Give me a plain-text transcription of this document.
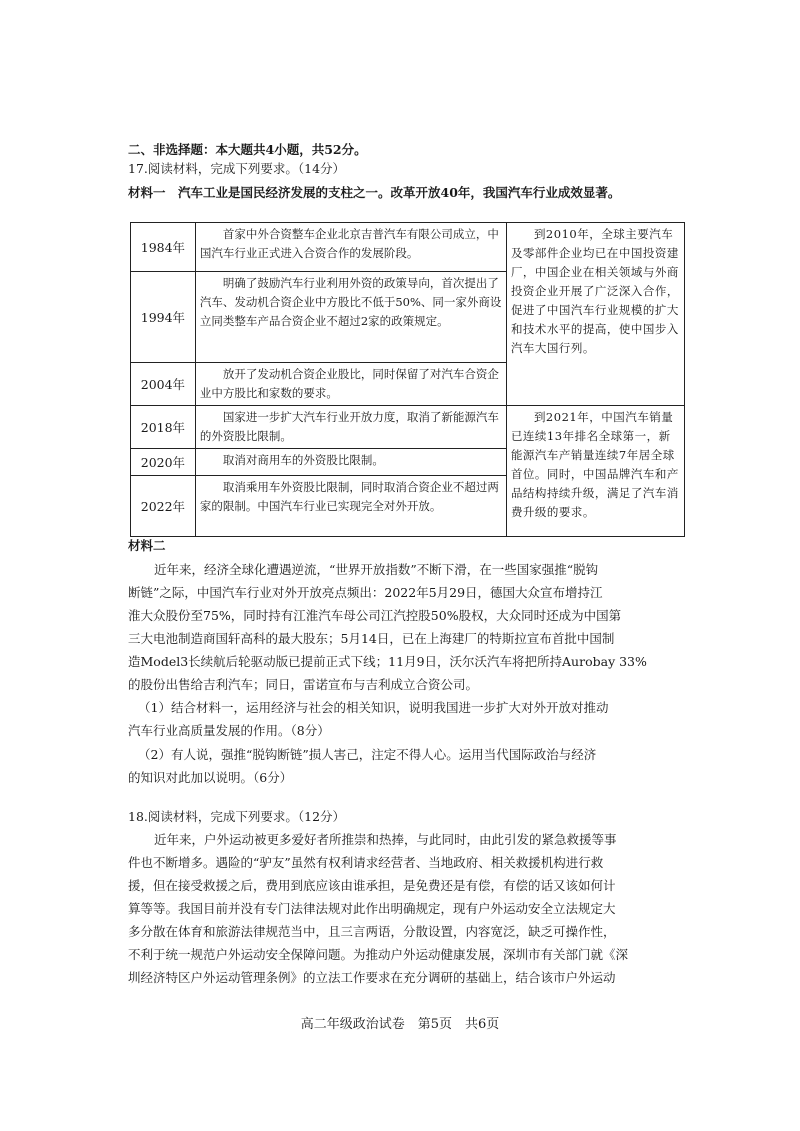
二、非选择题：本大题共4小题，共52分。
17.阅读材料，完成下列要求。（14分）
材料一　汽车工业是国民经济发展的支柱之一。改革开放40年，我国汽车行业成效显著。
1984年	首家中外合资整车企业北京吉普汽车有限公司成立，中国汽车行业正式进入合资合作的发展阶段。	到2010年，全球主要汽车及零部件企业均已在中国投资建厂，中国企业在相关领域与外商投资企业开展了广泛深入合作，促进了中国汽车行业规模的扩大和技术水平的提高，使中国步入汽车大国行列。

1994年	明确了鼓励汽车行业利用外资的政策导向，首次提出了汽车、发动机合资企业中方股比不低于50%、同一家外商设立同类整车产品合资企业不超过2家的政策规定。	

2004年	放开了发动机合资企业股比，同时保留了对汽车合资企业中方股比和家数的要求。	

2018年	国家进一步扩大汽车行业开放力度，取消了新能源汽车的外资股比限制。	到2021年，中国汽车销量已连续13年排名全球第一，新能源汽车产销量连续7年居全球首位。同时，中国品牌汽车和产品结构持续升级，满足了汽车消费升级的要求。

2020年	取消对商用车的外资股比限制。	

2022年	取消乘用车外资股比限制，同时取消合资企业不超过两家的限制。中国汽车行业已实现完全对外开放。	
材料二
近年来，经济全球化遭遇逆流，“世界开放指数”不断下滑，在一些国家强推“脱钩
断链”之际，中国汽车行业对外开放亮点频出：2022年5月29日，德国大众宣布增持江
淮大众股份至75%，同时持有江淮汽车母公司江汽控股50%股权，大众同时还成为中国第
三大电池制造商国轩高科的最大股东；5月14日，已在上海建厂的特斯拉宣布首批中国制
造Model3长续航后轮驱动版已提前正式下线；11月9日，沃尔沃汽车将把所持Aurobay 33%
的股份出售给吉利汽车；同日，雷诺宣布与吉利成立合资公司。
（1）结合材料一，运用经济与社会的相关知识，说明我国进一步扩大对外开放对推动
汽车行业高质量发展的作用。（8分）
（2）有人说，强推“脱钩断链”损人害己，注定不得人心。运用当代国际政治与经济
的知识对此加以说明。（6分）
18.阅读材料，完成下列要求。（12分）
近年来，户外运动被更多爱好者所推崇和热捧，与此同时，由此引发的紧急救援等事
件也不断增多。遇险的“驴友”虽然有权利请求经营者、当地政府、相关救援机构进行救
援，但在接受救援之后，费用到底应该由谁承担，是免费还是有偿，有偿的话又该如何计
算等等。我国目前并没有专门法律法规对此作出明确规定，现有户外运动安全立法规定大
多分散在体育和旅游法律规范当中，且三言两语，分散设置，内容宽泛，缺乏可操作性，
不利于统一规范户外运动安全保障问题。为推动户外运动健康发展，深圳市有关部门就《深
圳经济特区户外运动管理条例》的立法工作要求在充分调研的基础上，结合该市户外运动
高二年级政治试卷　第5页　共6页
